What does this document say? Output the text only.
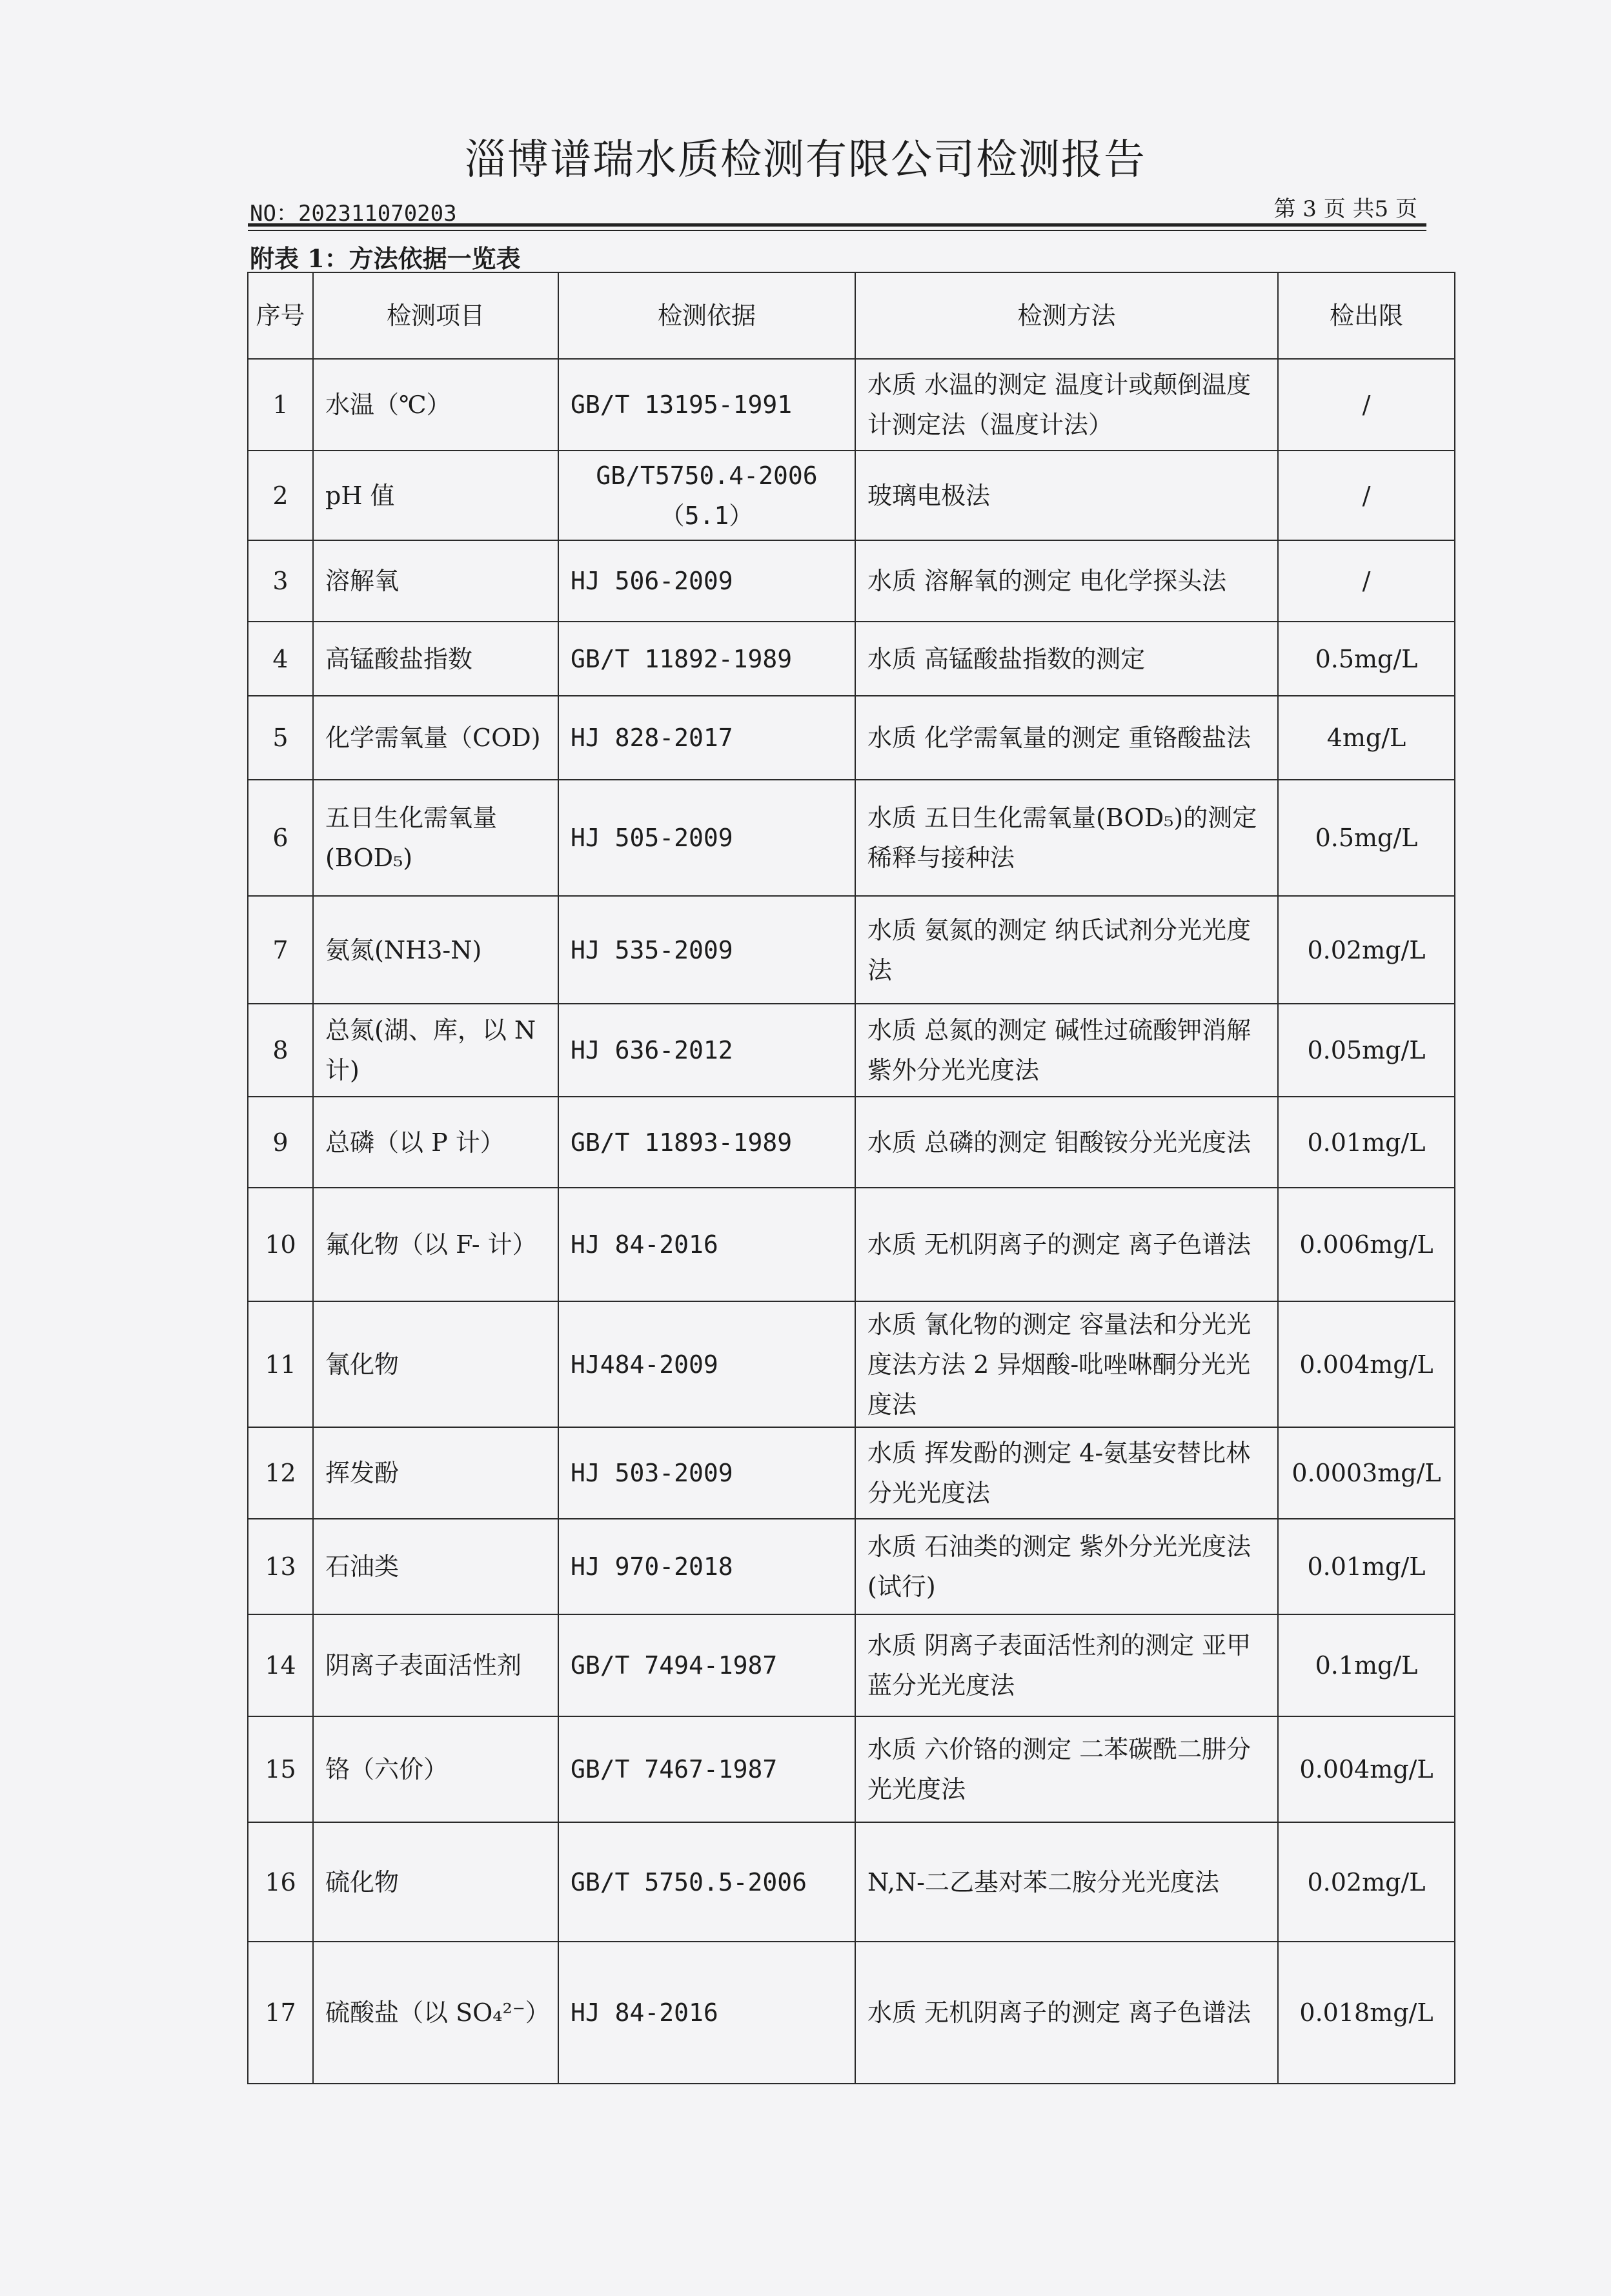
淄博谱瑞水质检测有限公司检测报告
NO：202311070203	第 3 页 共5 页
附表 1：方法依据一览表
序号	检测项目	检测依据	检测方法	检出限
1	水温（℃）	GB/T 13195-1991	水质 水温的测定 温度计或颠倒温度计测定法（温度计法）	/
2	pH 值	GB/T5750.4-2006（5.1）	玻璃电极法	/
3	溶解氧	HJ 506-2009	水质 溶解氧的测定 电化学探头法	/
4	高锰酸盐指数	GB/T 11892-1989	水质 高锰酸盐指数的测定	0.5mg/L
5	化学需氧量（COD)	HJ 828-2017	水质 化学需氧量的测定 重铬酸盐法	4mg/L
6	五日生化需氧量(BOD₅)	HJ 505-2009	水质 五日生化需氧量(BOD₅)的测定 稀释与接种法	0.5mg/L
7	氨氮(NH3-N)	HJ 535-2009	水质 氨氮的测定 纳氏试剂分光光度法	0.02mg/L
8	总氮(湖、库，以 N 计)	HJ 636-2012	水质 总氮的测定 碱性过硫酸钾消解紫外分光光度法	0.05mg/L
9	总磷（以 P 计）	GB/T 11893-1989	水质 总磷的测定 钼酸铵分光光度法	0.01mg/L
10	氟化物（以 F- 计）	HJ 84-2016	水质 无机阴离子的测定 离子色谱法	0.006mg/L
11	氰化物	HJ484-2009	水质 氰化物的测定 容量法和分光光度法方法 2 异烟酸-吡唑啉酮分光光度法	0.004mg/L
12	挥发酚	HJ 503-2009	水质 挥发酚的测定 4-氨基安替比林分光光度法	0.0003mg/L
13	石油类	HJ 970-2018	水质 石油类的测定 紫外分光光度法(试行)	0.01mg/L
14	阴离子表面活性剂	GB/T 7494-1987	水质 阴离子表面活性剂的测定 亚甲蓝分光光度法	0.1mg/L
15	铬（六价）	GB/T 7467-1987	水质 六价铬的测定 二苯碳酰二肼分光光度法	0.004mg/L
16	硫化物	GB/T 5750.5-2006	N,N-二乙基对苯二胺分光光度法	0.02mg/L
17	硫酸盐（以 SO₄²⁻）	HJ 84-2016	水质 无机阴离子的测定 离子色谱法	0.018mg/L
